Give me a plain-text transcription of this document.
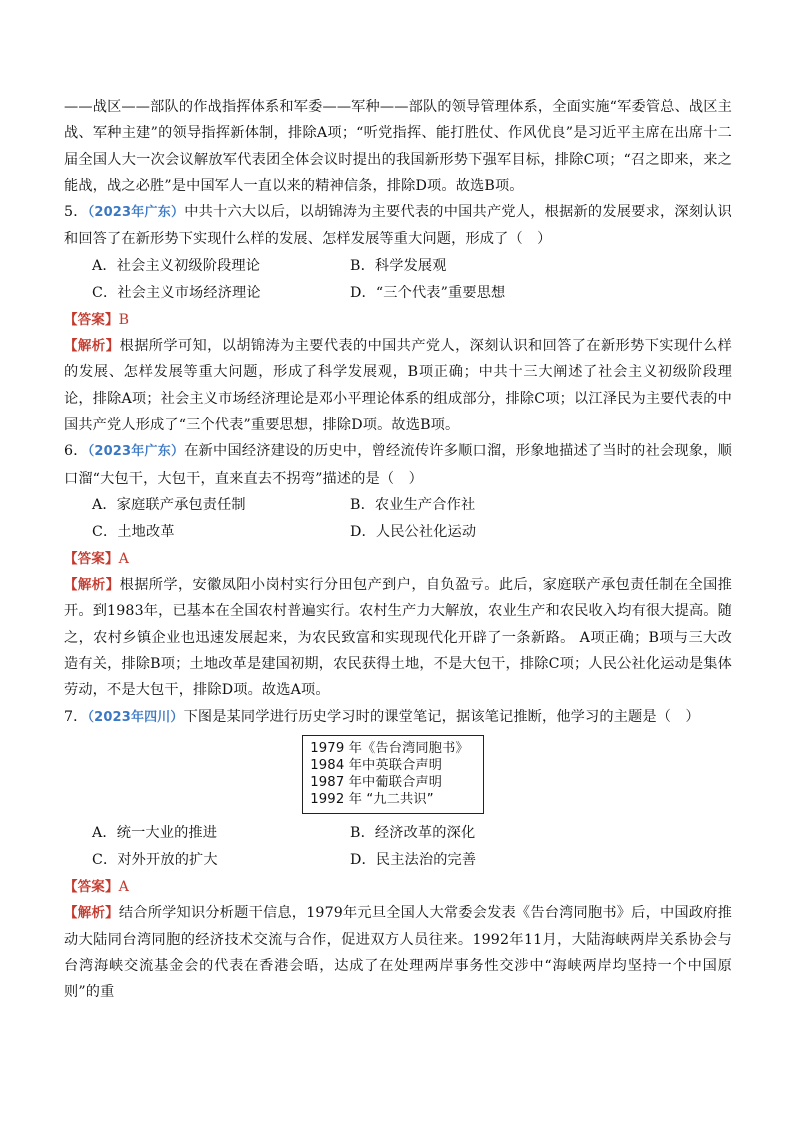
——战区——部队的作战指挥体系和军委——军种——部队的领导管理体系，全面实施“军委管总、战区主战、军种主建”的领导指挥新体制，排除A项；“听党指挥、能打胜仗、作风优良”是习近平主席在出席十二届全国人大一次会议解放军代表团全体会议时提出的我国新形势下强军目标，排除C项；“召之即来，来之能战，战之必胜”是中国军人一直以来的精神信条，排除D项。故选B项。

5．（2023年广东）中共十六大以后，以胡锦涛为主要代表的中国共产党人，根据新的发展要求，深刻认识和回答了在新形势下实现什么样的发展、怎样发展等重大问题，形成了（　）

A．社会主义初级阶段理论	B．科学发展观
C．社会主义市场经济理论	D．“三个代表”重要思想

【答案】B

【解析】根据所学可知，以胡锦涛为主要代表的中国共产党人，深刻认识和回答了在新形势下实现什么样的发展、怎样发展等重大问题，形成了科学发展观，B项正确；中共十三大阐述了社会主义初级阶段理论，排除A项；社会主义市场经济理论是邓小平理论体系的组成部分，排除C项；以江泽民为主要代表的中国共产党人形成了“三个代表”重要思想，排除D项。故选B项。

6．（2023年广东）在新中国经济建设的历史中，曾经流传许多顺口溜，形象地描述了当时的社会现象，顺口溜“大包干，大包干，直来直去不拐弯”描述的是（　）

A．家庭联产承包责任制	B．农业生产合作社
C．土地改革	D．人民公社化运动

【答案】A

【解析】根据所学，安徽凤阳小岗村实行分田包产到户，自负盈亏。此后，家庭联产承包责任制在全国推开。到1983年，已基本在全国农村普遍实行。农村生产力大解放，农业生产和农民收入均有很大提高。随之，农村乡镇企业也迅速发展起来，为农民致富和实现现代化开辟了一条新路。 A项正确；B项与三大改造有关，排除B项；土地改革是建国初期，农民获得土地，不是大包干，排除C项；人民公社化运动是集体劳动，不是大包干，排除D项。故选A项。

7．（2023年四川）下图是某同学进行历史学习时的课堂笔记，据该笔记推断，他学习的主题是（　）

1979 年《告台湾同胞书》
1984 年中英联合声明
1987 年中葡联合声明
1992 年 “九二共识”
A．统一大业的推进	B．经济改革的深化
C．对外开放的扩大	D．民主法治的完善

【答案】A

【解析】结合所学知识分析题干信息，1979年元旦全国人大常委会发表《告台湾同胞书》后，中国政府推动大陆同台湾同胞的经济技术交流与合作，促进双方人员往来。1992年11月，大陆海峡两岸关系协会与台湾海峡交流基金会的代表在香港会晤，达成了在处理两岸事务性交涉中“海峡两岸均坚持一个中国原则”的重
